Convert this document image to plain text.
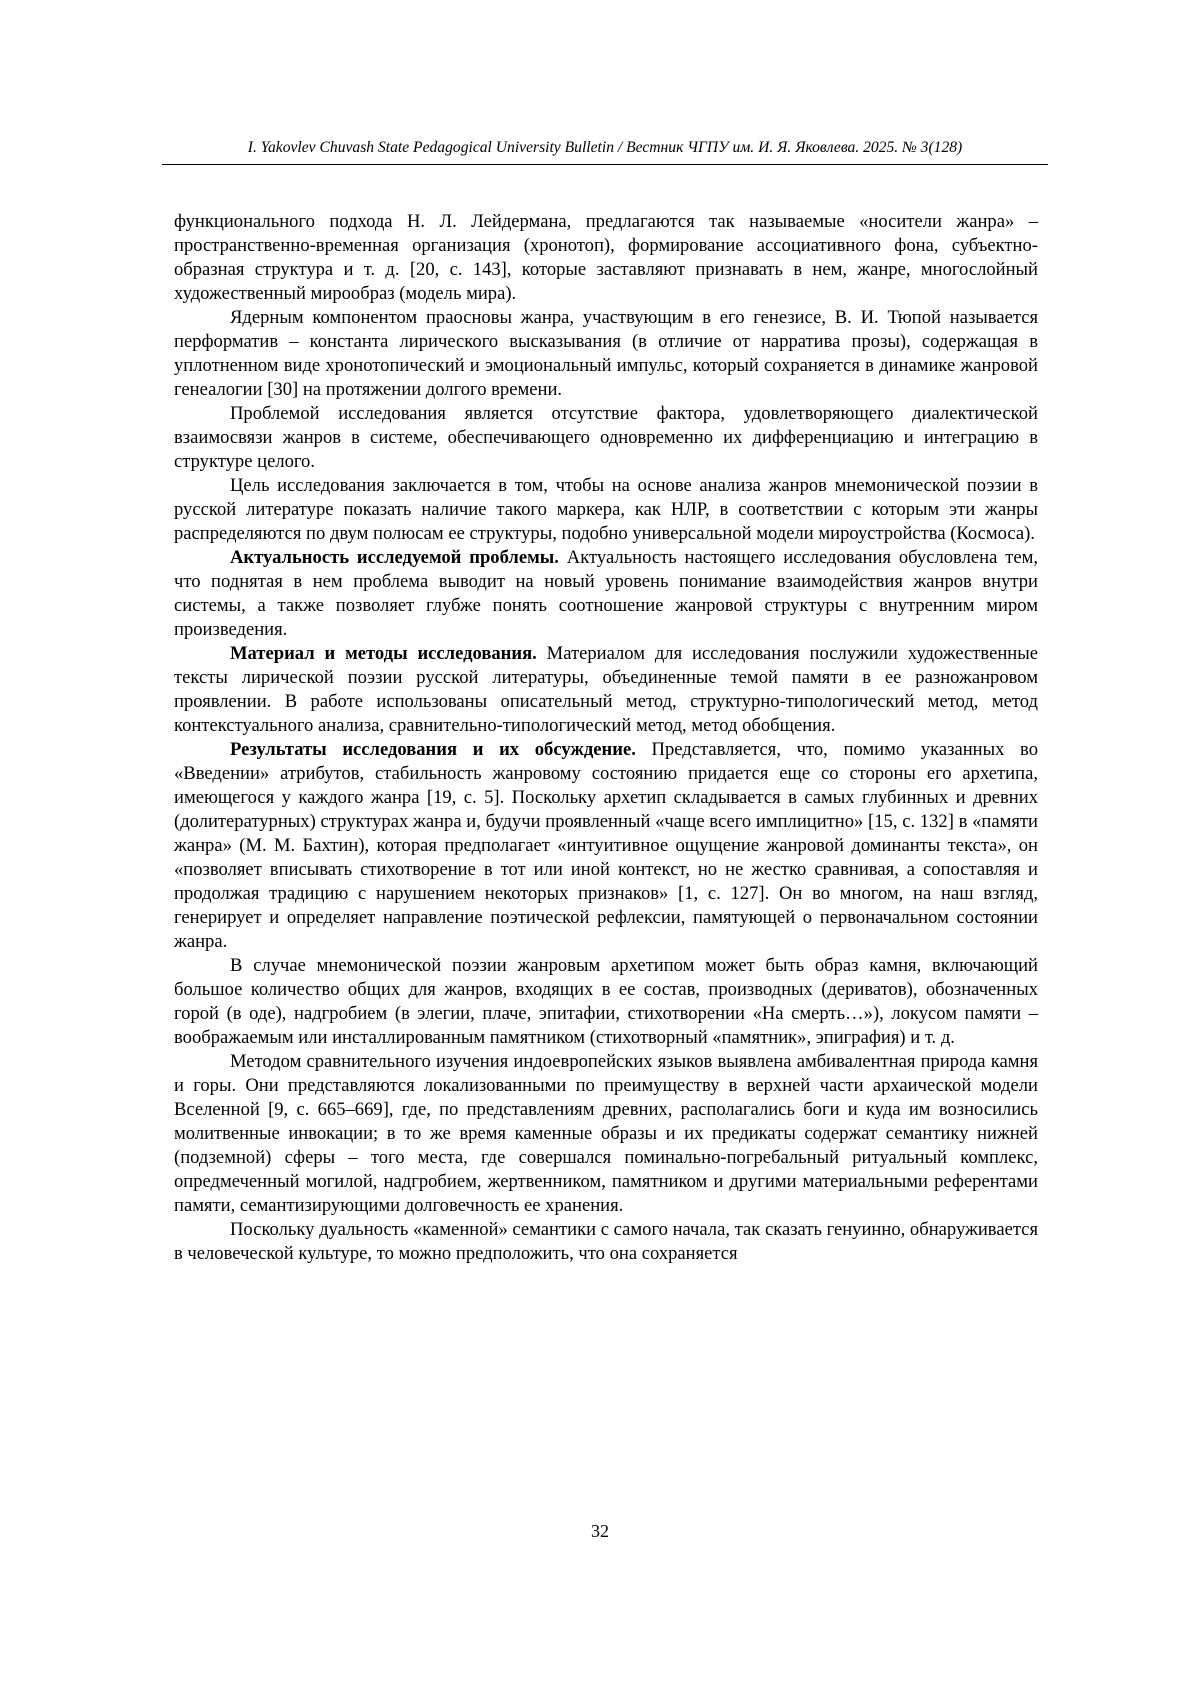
I. Yakovlev Chuvash State Pedagogical University Bulletin / Вестник ЧГПУ им. И. Я. Яковлева. 2025. № 3(128)

функционального подхода Н. Л. Лейдермана, предлагаются так называемые «носители жанра» – пространственно-временная организация (хронотоп), формирование ассоциативного фона, субъектно-образная структура и т. д. [20, с. 143], которые заставляют признавать в нем, жанре, многослойный художественный мирообраз (модель мира).

Ядерным компонентом праосновы жанра, участвующим в его генезисе, В. И. Тюпой называется перформатив – константа лирического высказывания (в отличие от нарратива прозы), содержащая в уплотненном виде хронотопический и эмоциональный импульс, который сохраняется в динамике жанровой генеалогии [30] на протяжении долгого времени.

Проблемой исследования является отсутствие фактора, удовлетворяющего диалектической взаимосвязи жанров в системе, обеспечивающего одновременно их дифференциацию и интеграцию в структуре целого.

Цель исследования заключается в том, чтобы на основе анализа жанров мнемонической поэзии в русской литературе показать наличие такого маркера, как НЛР, в соответствии с которым эти жанры распределяются по двум полюсам ее структуры, подобно универсальной модели мироустройства (Космоса).

Актуальность исследуемой проблемы. Актуальность настоящего исследования обусловлена тем, что поднятая в нем проблема выводит на новый уровень понимание взаимодействия жанров внутри системы, а также позволяет глубже понять соотношение жанровой структуры с внутренним миром произведения.

Материал и методы исследования. Материалом для исследования послужили художественные тексты лирической поэзии русской литературы, объединенные темой памяти в ее разножанровом проявлении. В работе использованы описательный метод, структурно-типологический метод, метод контекстуального анализа, сравнительно-типологический метод, метод обобщения.

Результаты исследования и их обсуждение. Представляется, что, помимо указанных во «Введении» атрибутов, стабильность жанровому состоянию придается еще со стороны его архетипа, имеющегося у каждого жанра [19, с. 5]. Поскольку архетип складывается в самых глубинных и древних (долитературных) структурах жанра и, будучи проявленный «чаще всего имплицитно» [15, с. 132] в «памяти жанра» (М. М. Бахтин), которая предполагает «интуитивное ощущение жанровой доминанты текста», он «позволяет вписывать стихотворение в тот или иной контекст, но не жестко сравнивая, а сопоставляя и продолжая традицию с нарушением некоторых признаков» [1, с. 127]. Он во многом, на наш взгляд, генерирует и определяет направление поэтической рефлексии, памятующей о первоначальном состоянии жанра.

В случае мнемонической поэзии жанровым архетипом может быть образ камня, включающий большое количество общих для жанров, входящих в ее состав, производных (дериватов), обозначенных горой (в оде), надгробием (в элегии, плаче, эпитафии, стихотворении «На смерть…»), локусом памяти – воображаемым или инсталлированным памятником (стихотворный «памятник», эпиграфия) и т. д.

Методом сравнительного изучения индоевропейских языков выявлена амбивалентная природа камня и горы. Они представляются локализованными по преимуществу в верхней части архаической модели Вселенной [9, с. 665–669], где, по представлениям древних, располагались боги и куда им возносились молитвенные инвокации; в то же время каменные образы и их предикаты содержат семантику нижней (подземной) сферы – того места, где совершался поминально-погребальный ритуальный комплекс, опредмеченный могилой, надгробием, жертвенником, памятником и другими материальными референтами памяти, семантизирующими долговечность ее хранения.

Поскольку дуальность «каменной» семантики с самого начала, так сказать генуинно, обнаруживается в человеческой культуре, то можно предположить, что она сохраняется

32
